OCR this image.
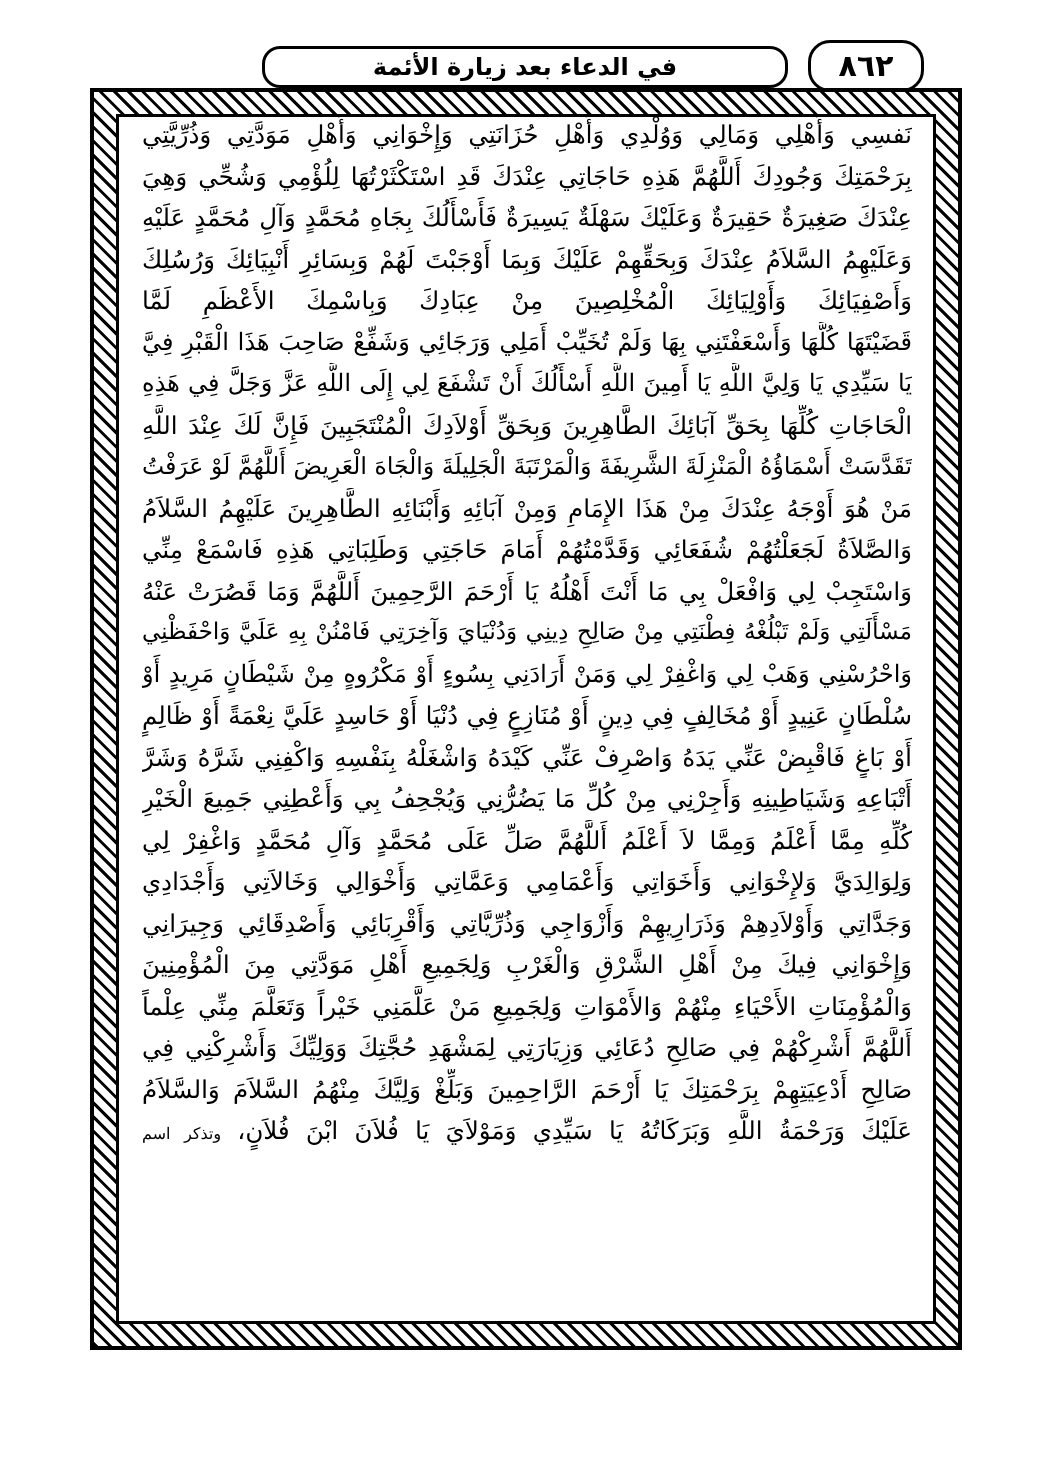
في الدعاء بعد زيارة الأئمة	٨٦٢
نَفسِي وَأَهْلِي وَمَالِي وَوُلْدِي وَأَهْلِ حُزَانَتِي وَإِخْوَانِي وَأَهْلِ مَوَدَّتِي وَذُرِّيَّتِي
بِرَحْمَتِكَ وَجُودِكَ أَللَّهُمَّ هَذِهِ حَاجَاتِي عِنْدَكَ قَدِ اسْتَكْثَرْتُهَا لِلُؤْمِي وَشُحِّي وَهِيَ
عِنْدَكَ صَغِيرَةٌ حَقِيرَةٌ وَعَلَيْكَ سَهْلَةٌ يَسِيرَةٌ فَأَسْأَلُكَ بِجَاهِ مُحَمَّدٍ وَآلِ مُحَمَّدٍ عَلَيْهِ
وَعَلَيْهِمُ السَّلاَمُ عِنْدَكَ وَبِحَقِّهِمْ عَلَيْكَ وَبِمَا أَوْجَبْتَ لَهُمْ وَبِسَائِرِ أَنْبِيَائِكَ وَرُسُلِكَ
وَأَصْفِيَائِكَ وَأَوْلِيَائِكَ الْمُخْلِصِينَ مِنْ عِبَادِكَ وَبِاسْمِكَ الأَعْظَمِ لَمَّا
قَضَيْتَهَا كُلَّهَا وَأَسْعَفْتَنِي بِهَا وَلَمْ تُخَيِّبْ أَمَلِي وَرَجَائِي وَشَفِّعْ صَاحِبَ هَذَا الْقَبْرِ فِيَّ
يَا سَيِّدِي يَا وَلِيَّ اللَّهِ يَا أَمِينَ اللَّهِ أَسْأَلُكَ أَنْ تَشْفَعَ لِي إِلَى اللَّهِ عَزَّ وَجَلَّ فِي هَذِهِ
الْحَاجَاتِ كُلِّهَا بِحَقِّ آبَائِكَ الطَّاهِرِينَ وَبِحَقِّ أَوْلاَدِكَ الْمُنْتَجَبِينَ فَإِنَّ لَكَ عِنْدَ اللَّهِ
تَقَدَّسَتْ أَسْمَاؤُهُ الْمَنْزِلَةَ الشَّرِيفَةَ وَالْمَرْتَبَةَ الْجَلِيلَةَ وَالْجَاهَ الْعَرِيضَ أَللَّهُمَّ لَوْ عَرَفْتُ
مَنْ هُوَ أَوْجَهُ عِنْدَكَ مِنْ هَذَا الإِمَامِ وَمِنْ آبَائِهِ وَأَبْنَائِهِ الطَّاهِرِينَ عَلَيْهِمُ السَّلاَمُ
وَالصَّلاَةُ لَجَعَلْتُهُمْ شُفَعَائِي وَقَدَّمْتُهُمْ أَمَامَ حَاجَتِي وَطَلِبَاتِي هَذِهِ فَاسْمَعْ مِنِّي
وَاسْتَجِبْ لِي وَافْعَلْ بِي مَا أَنْتَ أَهْلُهُ يَا أَرْحَمَ الرَّحِمِينَ أَللَّهُمَّ وَمَا قَصُرَتْ عَنْهُ
مَسْأَلَتِي وَلَمْ تَبْلُغْهُ فِطْنَتِي مِنْ صَالِحِ دِينِي وَدُنْيَايَ وَآخِرَتِي فَامْنُنْ بِهِ عَلَيَّ وَاحْفَظْنِي
وَاحْرُسْنِي وَهَبْ لِي وَاغْفِرْ لِي وَمَنْ أَرَادَنِي بِسُوءٍ أَوْ مَكْرُوهٍ مِنْ شَيْطَانٍ مَرِيدٍ أَوْ
سُلْطَانٍ عَنِيدٍ أَوْ مُخَالِفٍ فِي دِينٍ أَوْ مُنَازِعٍ فِي دُنْيَا أَوْ حَاسِدٍ عَلَيَّ نِعْمَةً أَوْ ظَالِمٍ
أَوْ بَاغٍ فَاقْبِضْ عَنِّي يَدَهُ وَاصْرِفْ عَنِّي كَيْدَهُ وَاشْغَلْهُ بِنَفْسِهِ وَاكْفِنِي شَرَّهُ وَشَرَّ
أَتْبَاعِهِ وَشَيَاطِينِهِ وَأَجِرْنِي مِنْ كُلِّ مَا يَضُرُّنِي وَيُجْحِفُ بِي وَأَعْطِنِي جَمِيعَ الْخَيْرِ
كُلِّهِ مِمَّا أَعْلَمُ وَمِمَّا لاَ أَعْلَمُ أَللَّهُمَّ صَلِّ عَلَى مُحَمَّدٍ وَآلِ مُحَمَّدٍ وَاغْفِرْ لِي
وَلِوَالِدَيَّ وَلإِخْوَانِي وَأَخَوَاتِي وَأَعْمَامِي وَعَمَّاتِي وَأَخْوَالِي وَخَالاَتِي وَأَجْدَادِي
وَجَدَّاتِي وَأَوْلاَدِهِمْ وَذَرَارِيهِمْ وَأَزْوَاجِي وَذُرِّيَّاتِي وَأَقْرِبَائِي وَأَصْدِقَائِي وَجِيرَانِي
وَإِخْوَانِي فِيكَ مِنْ أَهْلِ الشَّرْقِ وَالْغَرْبِ وَلِجَمِيعِ أَهْلِ مَوَدَّتِي مِنَ الْمُؤْمِنِينَ
وَالْمُؤْمِنَاتِ الأَحْيَاءِ مِنْهُمْ وَالأَمْوَاتِ وَلِجَمِيعِ مَنْ عَلَّمَنِي خَيْراً وَتَعَلَّمَ مِنِّي عِلْماً
أَللَّهُمَّ أَشْرِكْهُمْ فِي صَالِحِ دُعَائِي وَزِيَارَتِي لِمَشْهَدِ حُجَّتِكَ وَوَلِيِّكَ وَأَشْرِكْنِي فِي
صَالِحِ أَدْعِيَتِهِمْ بِرَحْمَتِكَ يَا أَرْحَمَ الرَّاحِمِينَ وَبَلِّغْ وَلِيَّكَ مِنْهُمُ السَّلاَمَ وَالسَّلاَمُ
عَلَيْكَ وَرَحْمَةُ اللَّهِ وَبَرَكَاتُهُ يَا سَيِّدِي وَمَوْلاَيَ يَا فُلاَنَ ابْنَ فُلاَنٍ، وتذكر اسم
